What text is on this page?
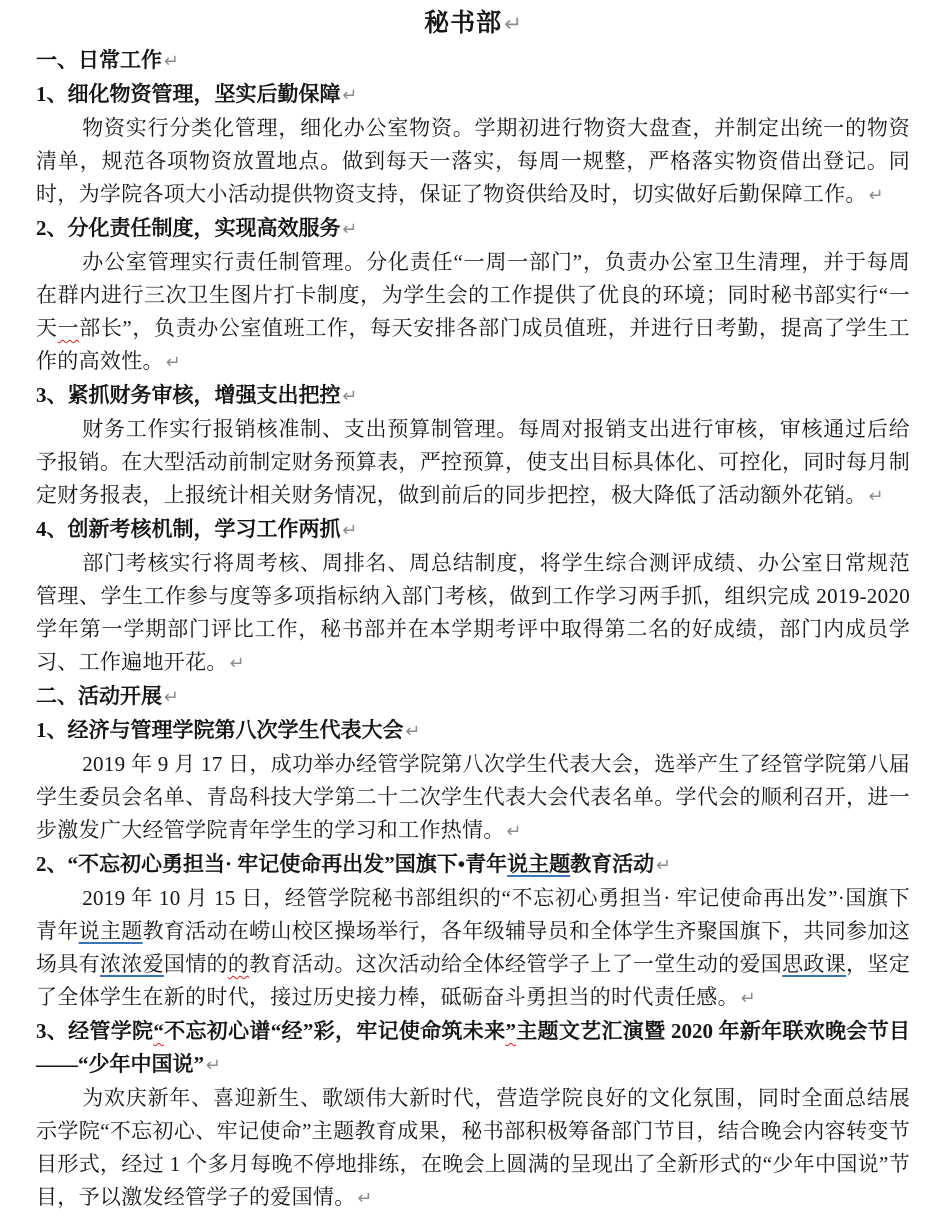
秘书部↵

一、日常工作 ↵

1、细化物资管理，坚实后勤保障 ↵

物资实行分类化管理，细化办公室物资。学期初进行物资大盘查，并制定出统一的物资清单，规范各项物资放置地点。做到每天一落实，每周一规整，严格落实物资借出登记。同时，为学院各项大小活动提供物资支持，保证了物资供给及时，切实做好后勤保障工作。 ↵

2、分化责任制度，实现高效服务 ↵

办公室管理实行责任制管理。分化责任“一周一部门”，负责办公室卫生清理，并于每周在群内进行三次卫生图片打卡制度，为学生会的工作提供了优良的环境；同时秘书部实行“一天一部长”，负责办公室值班工作，每天安排各部门成员值班，并进行日考勤，提高了学生工作的高效性。 ↵

3、紧抓财务审核，增强支出把控 ↵

财务工作实行报销核准制、支出预算制管理。每周对报销支出进行审核，审核通过后给予报销。在大型活动前制定财务预算表，严控预算，使支出目标具体化、可控化，同时每月制定财务报表，上报统计相关财务情况，做到前后的同步把控，极大降低了活动额外花销。 ↵

4、创新考核机制，学习工作两抓 ↵

部门考核实行将周考核、周排名、周总结制度，将学生综合测评成绩、办公室日常规范管理、学生工作参与度等多项指标纳入部门考核，做到工作学习两手抓，组织完成 2019-2020 学年第一学期部门评比工作，秘书部并在本学期考评中取得第二名的好成绩，部门内成员学习、工作遍地开花。 ↵

二、活动开展 ↵

1、经济与管理学院第八次学生代表大会 ↵

2019 年 9 月 17 日，成功举办经管学院第八次学生代表大会，选举产生了经管学院第八届学生委员会名单、青岛科技大学第二十二次学生代表大会代表名单。学代会的顺利召开，进一步激发广大经管学院青年学生的学习和工作热情。 ↵

2、“不忘初心勇担当· 牢记使命再出发”国旗下•青年说主题教育活动 ↵

2019 年 10 月 15 日，经管学院秘书部组织的“不忘初心勇担当· 牢记使命再出发”·国旗下青年说主题教育活动在崂山校区操场举行，各年级辅导员和全体学生齐聚国旗下，共同参加这场具有浓浓爱国情的的教育活动。这次活动给全体经管学子上了一堂生动的爱国思政课，坚定了全体学生在新的时代，接过历史接力棒，砥砺奋斗勇担当的时代责任感。 ↵

3、经管学院“不忘初心谱“经”彩，牢记使命筑未来”主题文艺汇演暨 2020 年新年联欢晚会节目——“少年中国说” ↵

为欢庆新年、喜迎新生、歌颂伟大新时代，营造学院良好的文化氛围，同时全面总结展示学院“不忘初心、牢记使命”主题教育成果，秘书部积极筹备部门节目，结合晚会内容转变节目形式，经过 1 个多月每晚不停地排练，在晚会上圆满的呈现出了全新形式的“少年中国说”节目，予以激发经管学子的爱国情。 ↵
